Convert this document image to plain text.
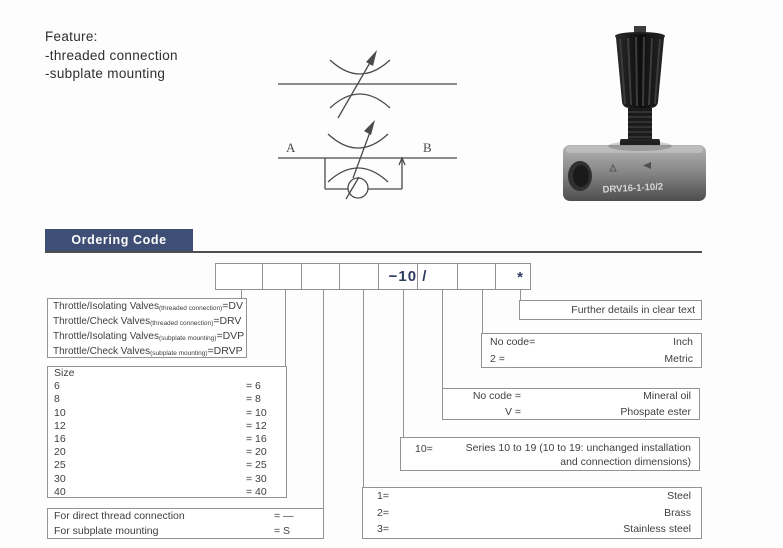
Feature:
-threaded connection
-subplate mounting
A	B
DRV16-1-10/2
Ordering Code
−10 /	*
Throttle/Isolating Valves (threaded connection) =DV
Throttle/Check Valves (threaded connection) =DRV
Throttle/Isolating Valves (subplate mounting) =DVP
Throttle/Check Valves (subplate mounting) =DRVP
Size
6	= 6
8	= 8
10	= 10
12	= 12
16	= 16
20	= 20
25	= 25
30	= 30
40	= 40
For direct thread connection	= —
For subplate mounting	= S
Further details in clear text
No code=	Inch
2 =	Metric
No code =	Mineral oil
V =	Phospate ester
10=	Series 10 to 19 (10 to 19: unchanged installation
and connection dimensions)
1=	Steel
2=	Brass
3=	Stainless steel
